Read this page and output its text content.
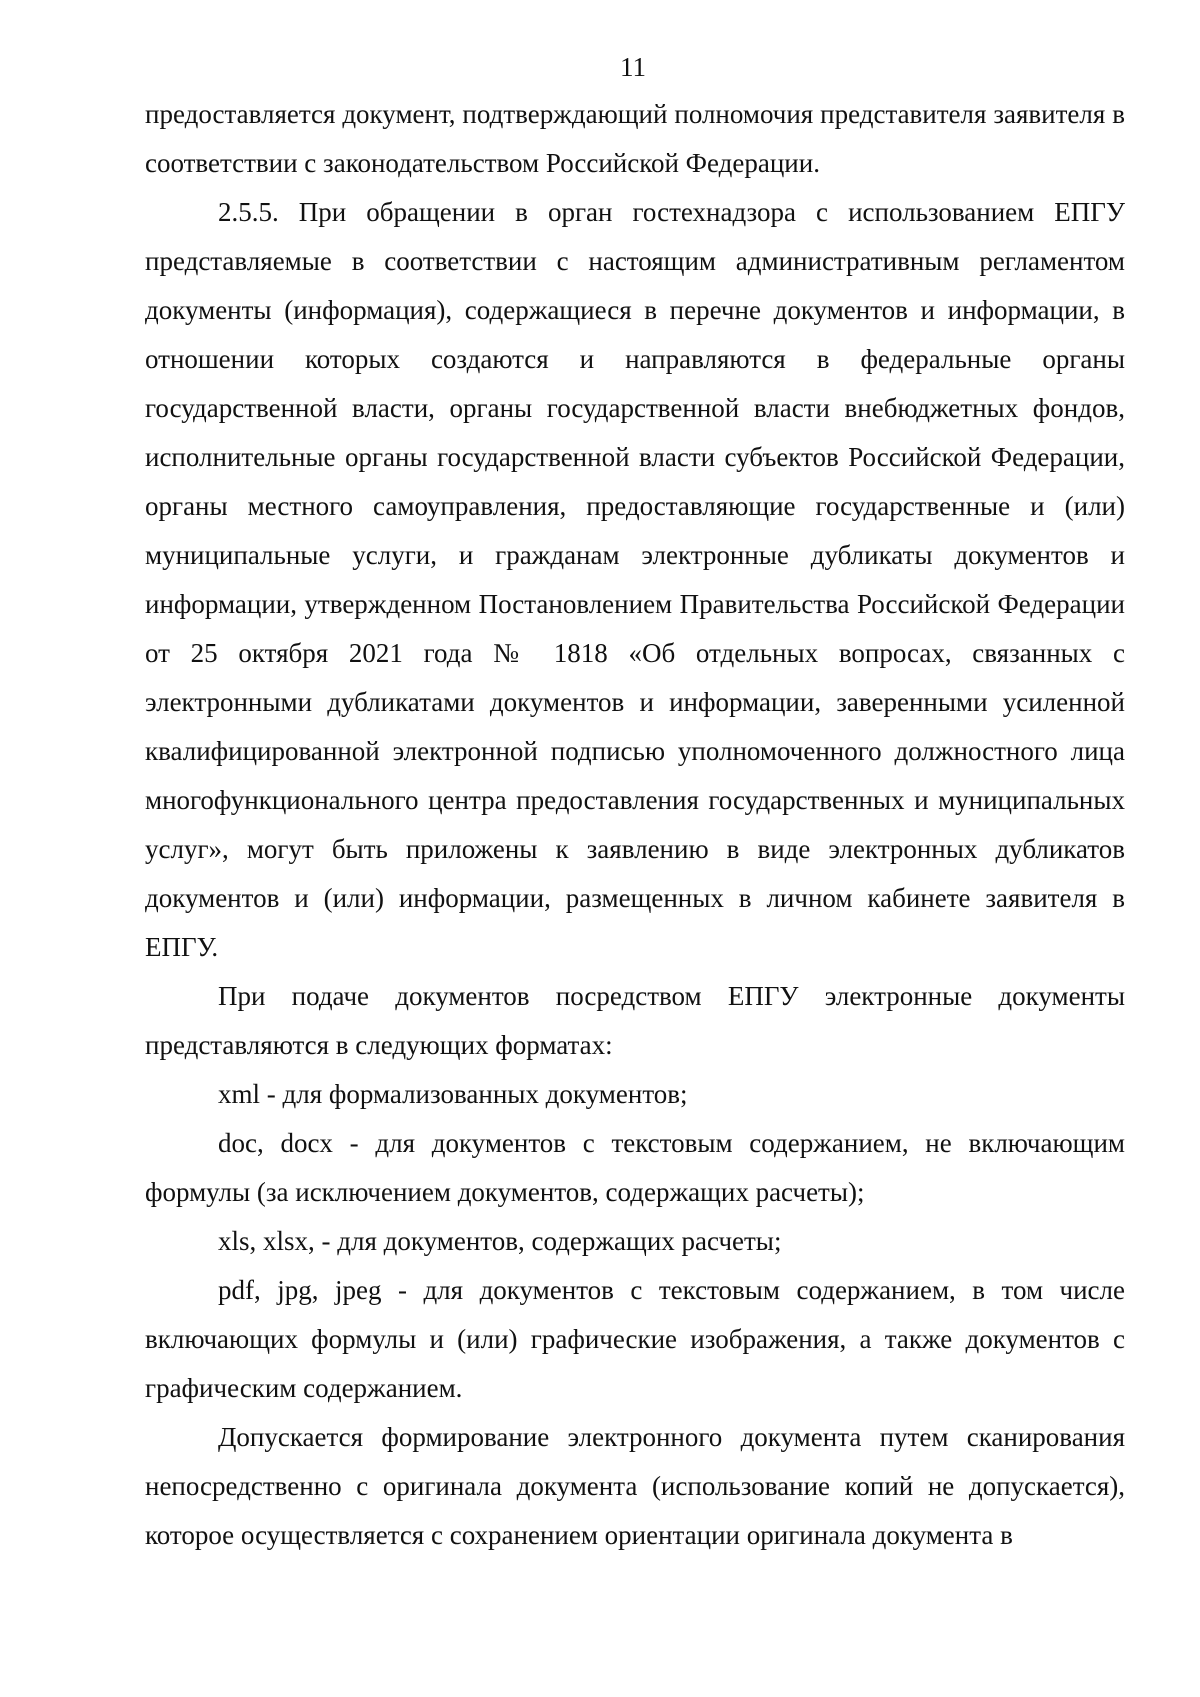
11

предоставляется документ, подтверждающий полномочия представителя заявителя в соответствии с законодательством Российской Федерации.

2.5.5. При обращении в орган гостехнадзора с использованием ЕПГУ представляемые в соответствии с настоящим административным регламентом документы (информация), содержащиеся в перечне документов и информации, в отношении которых создаются и направляются в федеральные органы государственной власти, органы государственной власти внебюджетных фондов, исполнительные органы государственной власти субъектов Российской Федерации, органы местного самоуправления, предоставляющие государственные и (или) муниципальные услуги, и гражданам электронные дубликаты документов и информации, утвержденном Постановлением Правительства Российской Федерации от 25 октября 2021 года № 1818 «Об отдельных вопросах, связанных с электронными дубликатами документов и информации, заверенными усиленной квалифицированной электронной подписью уполномоченного должностного лица многофункционального центра предоставления государственных и муниципальных услуг», могут быть приложены к заявлению в виде электронных дубликатов документов и (или) информации, размещенных в личном кабинете заявителя в ЕПГУ.

При подаче документов посредством ЕПГУ электронные документы представляются в следующих форматах:

xml - для формализованных документов;

doc, docx - для документов с текстовым содержанием, не включающим формулы (за исключением документов, содержащих расчеты);

xls, xlsx, - для документов, содержащих расчеты;

pdf, jpg, jpeg - для документов с текстовым содержанием, в том числе включающих формулы и (или) графические изображения, а также документов с графическим содержанием.

Допускается формирование электронного документа путем сканирования непосредственно с оригинала документа (использование копий не допускается), которое осуществляется с сохранением ориентации оригинала документа в
